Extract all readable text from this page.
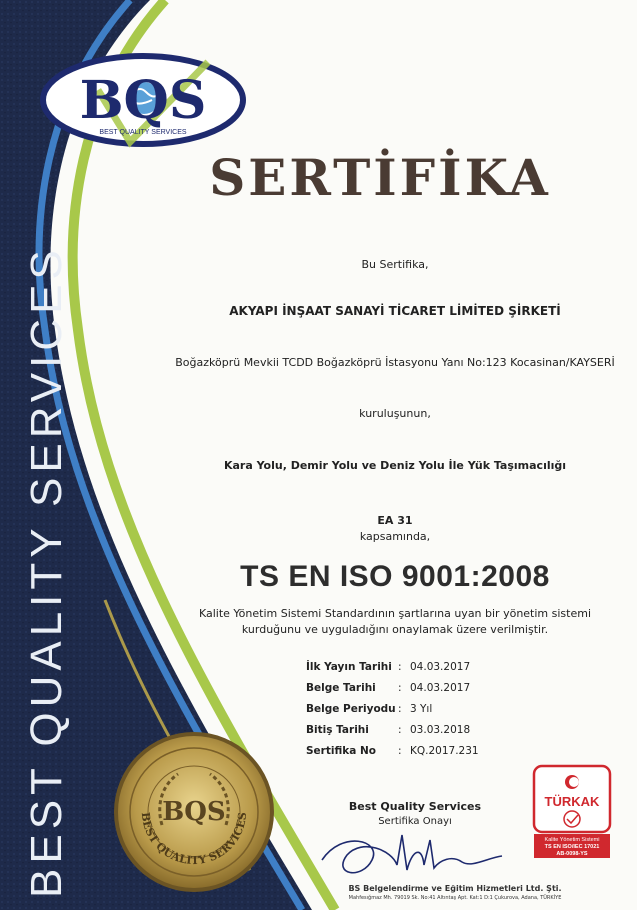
BEST QUALITY SERVICES
BQS
BEST QUALITY SERVICES
SERTİFİKA
Bu Sertifika,
AKYAPI İNŞAAT SANAYİ TİCARET LİMİTED ŞİRKETİ
Boğazköprü Mevkii TCDD Boğazköprü İstasyonu Yanı No:123 Kocasinan/KAYSERİ
kuruluşunun,
Kara Yolu, Demir Yolu ve Deniz Yolu İle Yük Taşımacılığı
EA 31
kapsamında,
TS EN ISO 9001:2008
Kalite Yönetim Sistemi Standardının şartlarına uyan bir yönetim sistemi
kurduğunu ve uyguladığını onaylamak üzere verilmiştir.
İlk Yayın Tarihi : 04.03.2017
Belge Tarihi	: 04.03.2017
Belge Periyodu : 3 Yıl
Bitiş Tarihi	: 03.03.2018
Sertifika No	: KQ.2017.231
BQS
BEST QUALITY SERVICES
Best Quality Services
Sertifika Onayı
TÜRKAK
Kalite Yönetim Sistemi
TS EN ISO/IEC 17021
AB-0098-YS
BS Belgelendirme ve Eğitim Hizmetleri Ltd. Şti.
Mahfesığmaz Mh. 79019 Sk. No:41 Altıntaş Apt. Kat:1 D:1 Çukurova, Adana, TÜRKİYE
